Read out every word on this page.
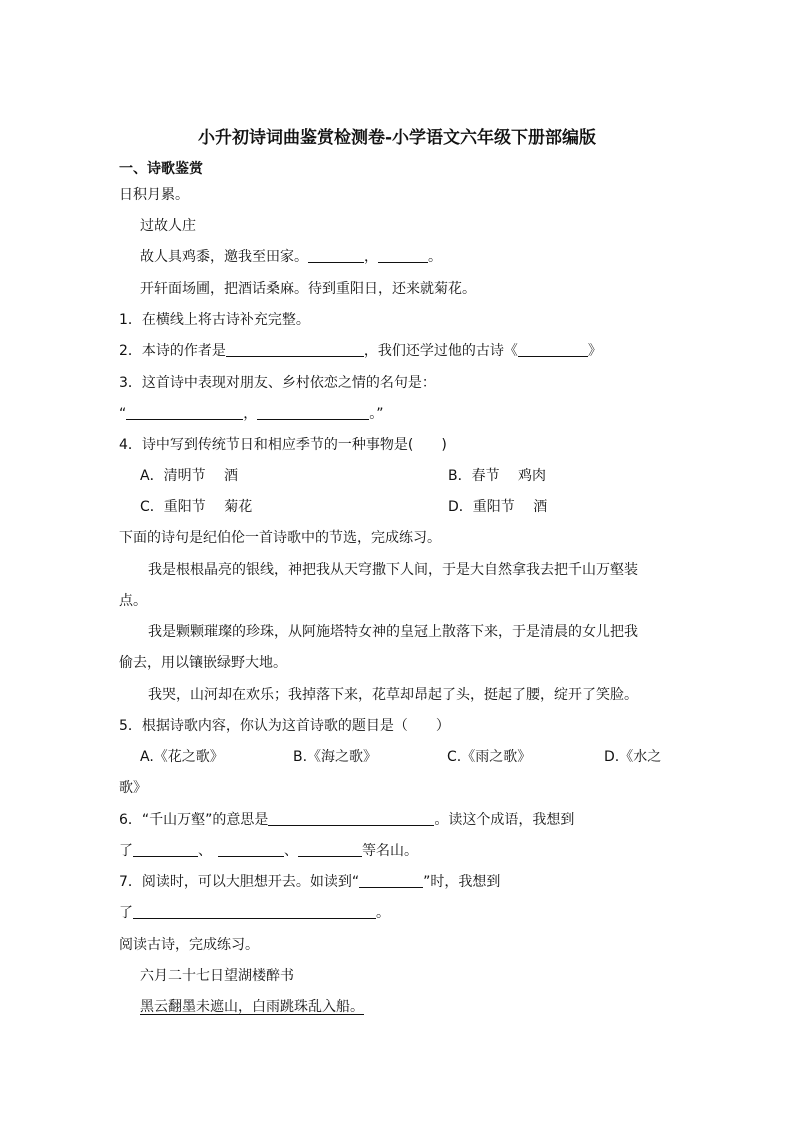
小升初诗词曲鉴赏检测卷-小学语文六年级下册部编版
一、诗歌鉴赏
日积月累。
过故人庄
故人具鸡黍，邀我至田家。	，	。
开轩面场圃，把酒话桑麻。待到重阳日，还来就菊花。
1．在横线上将古诗补充完整。
2．本诗的作者是	，我们还学过他的古诗《	》
3．这首诗中表现对朋友、乡村依恋之情的名句是：
“	，	。”
4．诗中写到传统节日和相应季节的一种事物是(　　)
A．清明节　 酒	B．春节　 鸡肉
C．重阳节　 菊花	D．重阳节　 酒
下面的诗句是纪伯伦一首诗歌中的节选，完成练习。
我是根根晶亮的银线，神把我从天穹撒下人间，于是大自然拿我去把千山万壑装
点。
我是颗颗璀璨的珍珠，从阿施塔特女神的皇冠上散落下来，于是清晨的女儿把我
偷去，用以镶嵌绿野大地。
我哭，山河却在欢乐；我掉落下来，花草却昂起了头，挺起了腰，绽开了笑脸。
5．根据诗歌内容，你认为这首诗歌的题目是（　　）
A.《花之歌》	B.《海之歌》	C.《雨之歌》	D.《水之
歌》
6．“千山万壑”的意思是	。读这个成语，我想到
了	、	、	等名山。
7．阅读时，可以大胆想开去。如读到“	”时，我想到
了	。
阅读古诗，完成练习。
六月二十七日望湖楼醉书
黑云翻墨未遮山，白雨跳珠乱入船。
